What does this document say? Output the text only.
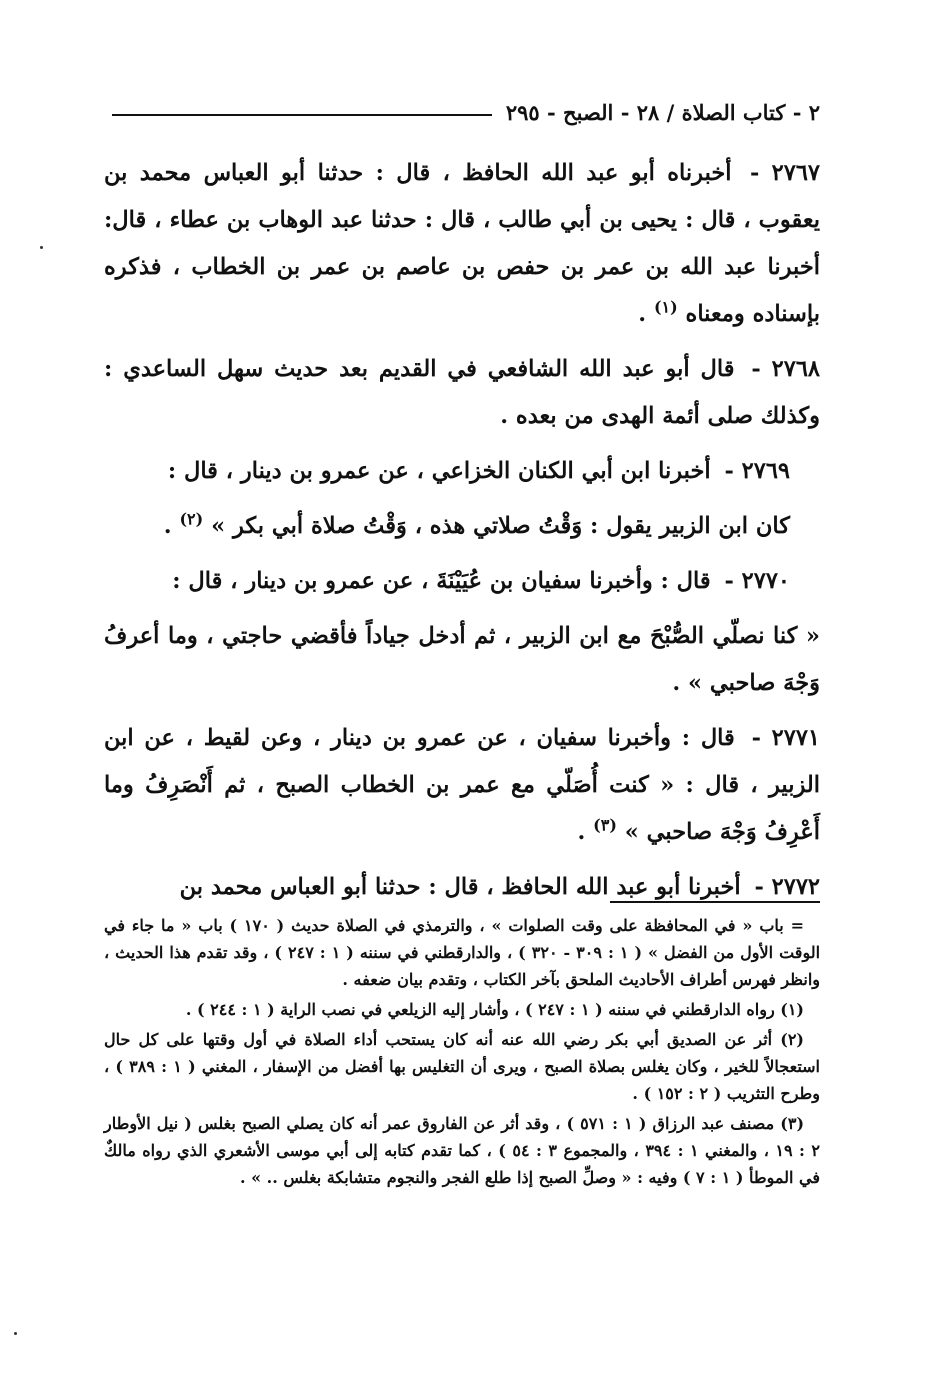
٢ - كتاب الصلاة / ٢٨ - الصبح - ٢٩٥

٢٧٦٧ - أخبرناه أبو عبد الله الحافظ ، قال : حدثنا أبو العباس محمد بن يعقوب ، قال : يحيى بن أبي طالب ، قال : حدثنا عبد الوهاب بن عطاء ، قال: أخبرنا عبد الله بن عمر بن حفص بن عاصم بن عمر بن الخطاب ، فذكره بإسناده ومعناه $^{(١)}$ .

٢٧٦٨ - قال أبو عبد الله الشافعي في القديم بعد حديث سهل الساعدي : وكذلك صلى أئمة الهدى من بعده .

٢٧٦٩ - أخبرنا ابن أبي الكنان الخزاعي ، عن عمرو بن دينار ، قال :

كان ابن الزبير يقول : وَقْتُ صلاتي هذه ، وَقْتُ صلاة أبي بكر » $^{(٢)}$ .

٢٧٧٠ - قال : وأخبرنا سفيان بن عُيَيْنَةَ ، عن عمرو بن دينار ، قال :

« كنا نصلّي الصُّبْحَ مع ابن الزبير ، ثم أدخل جياداً فأقضي حاجتي ، وما أعرفُ وَجْهَ صاحبي » .

٢٧٧١ - قال : وأخبرنا سفيان ، عن عمرو بن دينار ، وعن لقيط ، عن ابن الزبير ، قال : « كنت أُصَلّي مع عمر بن الخطاب الصبح ، ثم أَنْصَرِفُ وما أَعْرِفُ وَجْهَ صاحبي » $^{(٣)}$ .

٢٧٧٢ - أخبرنا أبو عبد الله الحافظ ، قال : حدثنا أبو العباس محمد بن

= باب « في المحافظة على وقت الصلوات » ، والترمذي في الصلاة حديث ( ١٧٠ ) باب « ما جاء في الوقت الأول من الفضل » ( ١ : ٣٠٩ - ٣٢٠ ) ، والدارقطني في سننه ( ١ : ٢٤٧ ) ، وقد تقدم هذا الحديث ، وانظر فهرس أطراف الأحاديث الملحق بآخر الكتاب ، وتقدم بيان ضعفه .

(١) رواه الدارقطني في سننه ( ١ : ٢٤٧ ) ، وأشار إليه الزيلعي في نصب الراية ( ١ : ٢٤٤ ) .

(٢) أثر عن الصديق أبي بكر رضي الله عنه أنه كان يستحب أداء الصلاة في أول وقتها على كل حال استعجالاً للخير ، وكان يغلس بصلاة الصبح ، ويرى أن التغليس بها أفضل من الإسفار ، المغني ( ١ : ٣٨٩ ) ، وطرح التثريب ( ٢ : ١٥٢ ) .

(٣) مصنف عبد الرزاق ( ١ : ٥٧١ ) ، وقد أثر عن الفاروق عمر أنه كان يصلي الصبح بغلس ( نيل الأوطار ٢ : ١٩ ، والمغني ١ : ٣٩٤ ، والمجموع ٣ : ٥٤ ) ، كما تقدم كتابه إلى أبي موسى الأشعري الذي رواه مالكٌ في الموطأ ( ١ : ٧ ) وفيه : « وصلِّ الصبح إذا طلع الفجر والنجوم متشابكة بغلس .. » .
